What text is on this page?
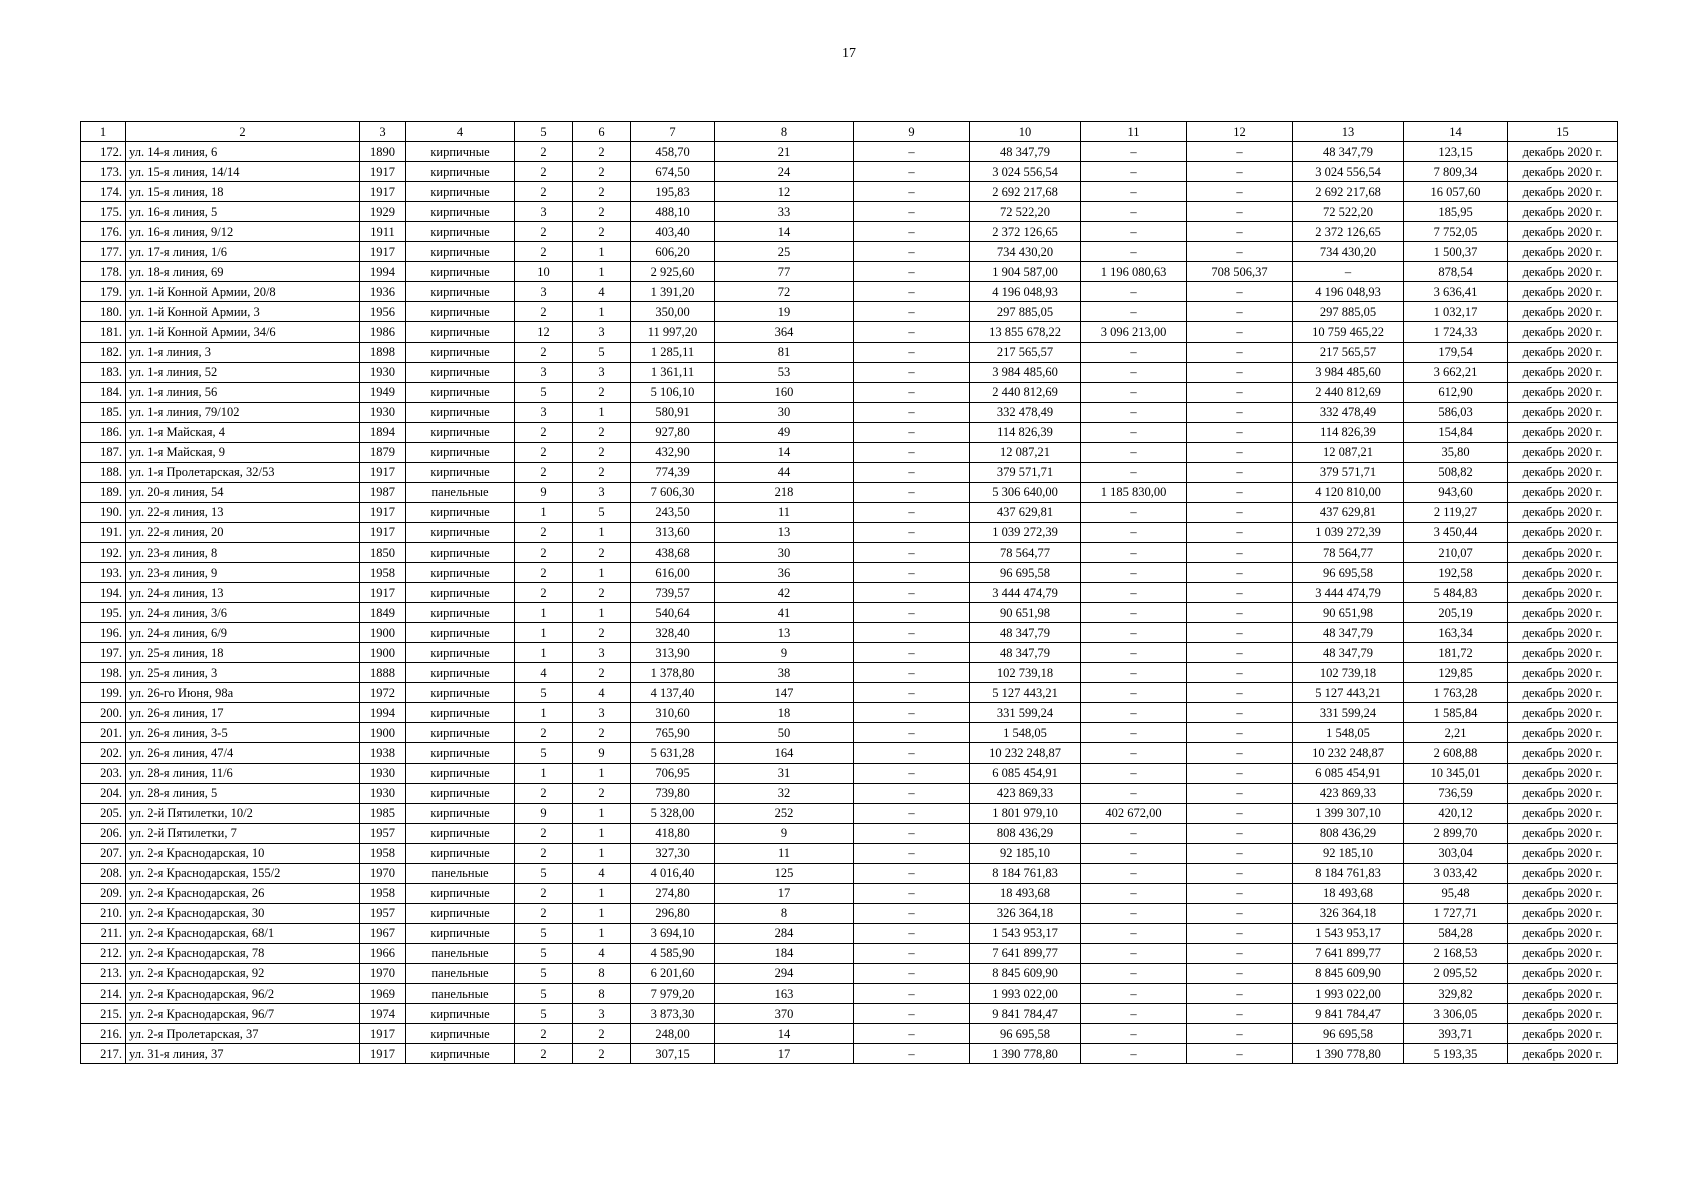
17
1	2	3	4	5	6	7	8	9	10	11	12	13	14	15
172.	ул. 14-я линия, 6	1890	кирпичные	2	2	458,70	21	–	48 347,79	–	–	48 347,79	123,15	декабрь 2020 г.
173.	ул. 15-я линия, 14/14	1917	кирпичные	2	2	674,50	24	–	3 024 556,54	–	–	3 024 556,54	7 809,34	декабрь 2020 г.
174.	ул. 15-я линия, 18	1917	кирпичные	2	2	195,83	12	–	2 692 217,68	–	–	2 692 217,68	16 057,60	декабрь 2020 г.
175.	ул. 16-я линия, 5	1929	кирпичные	3	2	488,10	33	–	72 522,20	–	–	72 522,20	185,95	декабрь 2020 г.
176.	ул. 16-я линия, 9/12	1911	кирпичные	2	2	403,40	14	–	2 372 126,65	–	–	2 372 126,65	7 752,05	декабрь 2020 г.
177.	ул. 17-я линия, 1/6	1917	кирпичные	2	1	606,20	25	–	734 430,20	–	–	734 430,20	1 500,37	декабрь 2020 г.
178.	ул. 18-я линия, 69	1994	кирпичные	10	1	2 925,60	77	–	1 904 587,00	1 196 080,63	708 506,37	–	878,54	декабрь 2020 г.
179.	ул. 1-й Конной Армии, 20/8	1936	кирпичные	3	4	1 391,20	72	–	4 196 048,93	–	–	4 196 048,93	3 636,41	декабрь 2020 г.
180.	ул. 1-й Конной Армии, 3	1956	кирпичные	2	1	350,00	19	–	297 885,05	–	–	297 885,05	1 032,17	декабрь 2020 г.
181.	ул. 1-й Конной Армии, 34/6	1986	кирпичные	12	3	11 997,20	364	–	13 855 678,22	3 096 213,00	–	10 759 465,22	1 724,33	декабрь 2020 г.
182.	ул. 1-я линия, 3	1898	кирпичные	2	5	1 285,11	81	–	217 565,57	–	–	217 565,57	179,54	декабрь 2020 г.
183.	ул. 1-я линия, 52	1930	кирпичные	3	3	1 361,11	53	–	3 984 485,60	–	–	3 984 485,60	3 662,21	декабрь 2020 г.
184.	ул. 1-я линия, 56	1949	кирпичные	5	2	5 106,10	160	–	2 440 812,69	–	–	2 440 812,69	612,90	декабрь 2020 г.
185.	ул. 1-я линия, 79/102	1930	кирпичные	3	1	580,91	30	–	332 478,49	–	–	332 478,49	586,03	декабрь 2020 г.
186.	ул. 1-я Майская, 4	1894	кирпичные	2	2	927,80	49	–	114 826,39	–	–	114 826,39	154,84	декабрь 2020 г.
187.	ул. 1-я Майская, 9	1879	кирпичные	2	2	432,90	14	–	12 087,21	–	–	12 087,21	35,80	декабрь 2020 г.
188.	ул. 1-я Пролетарская, 32/53	1917	кирпичные	2	2	774,39	44	–	379 571,71	–	–	379 571,71	508,82	декабрь 2020 г.
189.	ул. 20-я линия, 54	1987	панельные	9	3	7 606,30	218	–	5 306 640,00	1 185 830,00	–	4 120 810,00	943,60	декабрь 2020 г.
190.	ул. 22-я линия, 13	1917	кирпичные	1	5	243,50	11	–	437 629,81	–	–	437 629,81	2 119,27	декабрь 2020 г.
191.	ул. 22-я линия, 20	1917	кирпичные	2	1	313,60	13	–	1 039 272,39	–	–	1 039 272,39	3 450,44	декабрь 2020 г.
192.	ул. 23-я линия, 8	1850	кирпичные	2	2	438,68	30	–	78 564,77	–	–	78 564,77	210,07	декабрь 2020 г.
193.	ул. 23-я линия, 9	1958	кирпичные	2	1	616,00	36	–	96 695,58	–	–	96 695,58	192,58	декабрь 2020 г.
194.	ул. 24-я линия, 13	1917	кирпичные	2	2	739,57	42	–	3 444 474,79	–	–	3 444 474,79	5 484,83	декабрь 2020 г.
195.	ул. 24-я линия, 3/6	1849	кирпичные	1	1	540,64	41	–	90 651,98	–	–	90 651,98	205,19	декабрь 2020 г.
196.	ул. 24-я линия, 6/9	1900	кирпичные	1	2	328,40	13	–	48 347,79	–	–	48 347,79	163,34	декабрь 2020 г.
197.	ул. 25-я линия, 18	1900	кирпичные	1	3	313,90	9	–	48 347,79	–	–	48 347,79	181,72	декабрь 2020 г.
198.	ул. 25-я линия, 3	1888	кирпичные	4	2	1 378,80	38	–	102 739,18	–	–	102 739,18	129,85	декабрь 2020 г.
199.	ул. 26-го Июня, 98а	1972	кирпичные	5	4	4 137,40	147	–	5 127 443,21	–	–	5 127 443,21	1 763,28	декабрь 2020 г.
200.	ул. 26-я линия, 17	1994	кирпичные	1	3	310,60	18	–	331 599,24	–	–	331 599,24	1 585,84	декабрь 2020 г.
201.	ул. 26-я линия, 3-5	1900	кирпичные	2	2	765,90	50	–	1 548,05	–	–	1 548,05	2,21	декабрь 2020 г.
202.	ул. 26-я линия, 47/4	1938	кирпичные	5	9	5 631,28	164	–	10 232 248,87	–	–	10 232 248,87	2 608,88	декабрь 2020 г.
203.	ул. 28-я линия, 11/6	1930	кирпичные	1	1	706,95	31	–	6 085 454,91	–	–	6 085 454,91	10 345,01	декабрь 2020 г.
204.	ул. 28-я линия, 5	1930	кирпичные	2	2	739,80	32	–	423 869,33	–	–	423 869,33	736,59	декабрь 2020 г.
205.	ул. 2-й Пятилетки, 10/2	1985	кирпичные	9	1	5 328,00	252	–	1 801 979,10	402 672,00	–	1 399 307,10	420,12	декабрь 2020 г.
206.	ул. 2-й Пятилетки, 7	1957	кирпичные	2	1	418,80	9	–	808 436,29	–	–	808 436,29	2 899,70	декабрь 2020 г.
207.	ул. 2-я Краснодарская, 10	1958	кирпичные	2	1	327,30	11	–	92 185,10	–	–	92 185,10	303,04	декабрь 2020 г.
208.	ул. 2-я Краснодарская, 155/2	1970	панельные	5	4	4 016,40	125	–	8 184 761,83	–	–	8 184 761,83	3 033,42	декабрь 2020 г.
209.	ул. 2-я Краснодарская, 26	1958	кирпичные	2	1	274,80	17	–	18 493,68	–	–	18 493,68	95,48	декабрь 2020 г.
210.	ул. 2-я Краснодарская, 30	1957	кирпичные	2	1	296,80	8	–	326 364,18	–	–	326 364,18	1 727,71	декабрь 2020 г.
211.	ул. 2-я Краснодарская, 68/1	1967	кирпичные	5	1	3 694,10	284	–	1 543 953,17	–	–	1 543 953,17	584,28	декабрь 2020 г.
212.	ул. 2-я Краснодарская, 78	1966	панельные	5	4	4 585,90	184	–	7 641 899,77	–	–	7 641 899,77	2 168,53	декабрь 2020 г.
213.	ул. 2-я Краснодарская, 92	1970	панельные	5	8	6 201,60	294	–	8 845 609,90	–	–	8 845 609,90	2 095,52	декабрь 2020 г.
214.	ул. 2-я Краснодарская, 96/2	1969	панельные	5	8	7 979,20	163	–	1 993 022,00	–	–	1 993 022,00	329,82	декабрь 2020 г.
215.	ул. 2-я Краснодарская, 96/7	1974	кирпичные	5	3	3 873,30	370	–	9 841 784,47	–	–	9 841 784,47	3 306,05	декабрь 2020 г.
216.	ул. 2-я Пролетарская, 37	1917	кирпичные	2	2	248,00	14	–	96 695,58	–	–	96 695,58	393,71	декабрь 2020 г.
217.	ул. 31-я линия, 37	1917	кирпичные	2	2	307,15	17	–	1 390 778,80	–	–	1 390 778,80	5 193,35	декабрь 2020 г.
